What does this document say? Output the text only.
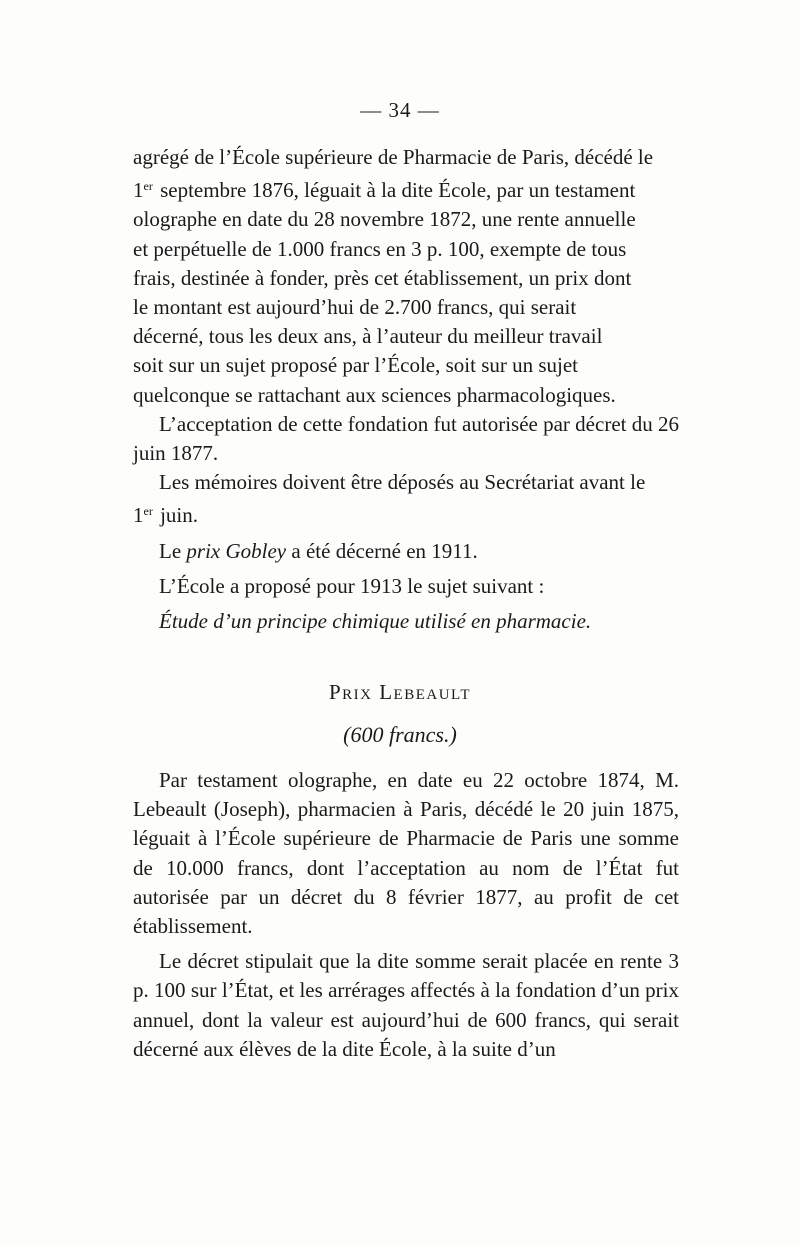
— 34 —

agrégé de l’École supérieure de Pharmacie de Paris, décédé le
1er septembre 1876, léguait à la dite École, par un testament
olographe en date du 28 novembre 1872, une rente annuelle
et perpétuelle de 1.000 francs en 3 p. 100, exempte de tous
frais, destinée à fonder, près cet établissement, un prix dont
le montant est aujourd’hui de 2.700 francs, qui serait
décerné, tous les deux ans, à l’auteur du meilleur travail
soit sur un sujet proposé par l’École, soit sur un sujet
quelconque se rattachant aux sciences pharmacologiques.

L’acceptation de cette fondation fut autorisée par décret du 26 juin 1877.

Les mémoires doivent être déposés au Secrétariat avant le
1er juin.

Le prix Gobley a été décerné en 1911.

L’École a proposé pour 1913 le sujet suivant :

Étude d’un principe chimique utilisé en pharmacie.

Prix Lebeault
(600 francs.)

Par testament olographe, en date eu 22 octobre 1874, M. Lebeault (Joseph), pharmacien à Paris, décédé le 20 juin 1875, léguait à l’École supérieure de Pharmacie de Paris une somme de 10.000 francs, dont l’acceptation au nom de l’État fut autorisée par un décret du 8 février 1877, au profit de cet établissement.

Le décret stipulait que la dite somme serait placée en rente 3 p. 100 sur l’État, et les arrérages affectés à la fondation d’un prix annuel, dont la valeur est aujourd’hui de 600 francs, qui serait décerné aux élèves de la dite École, à la suite d’un
